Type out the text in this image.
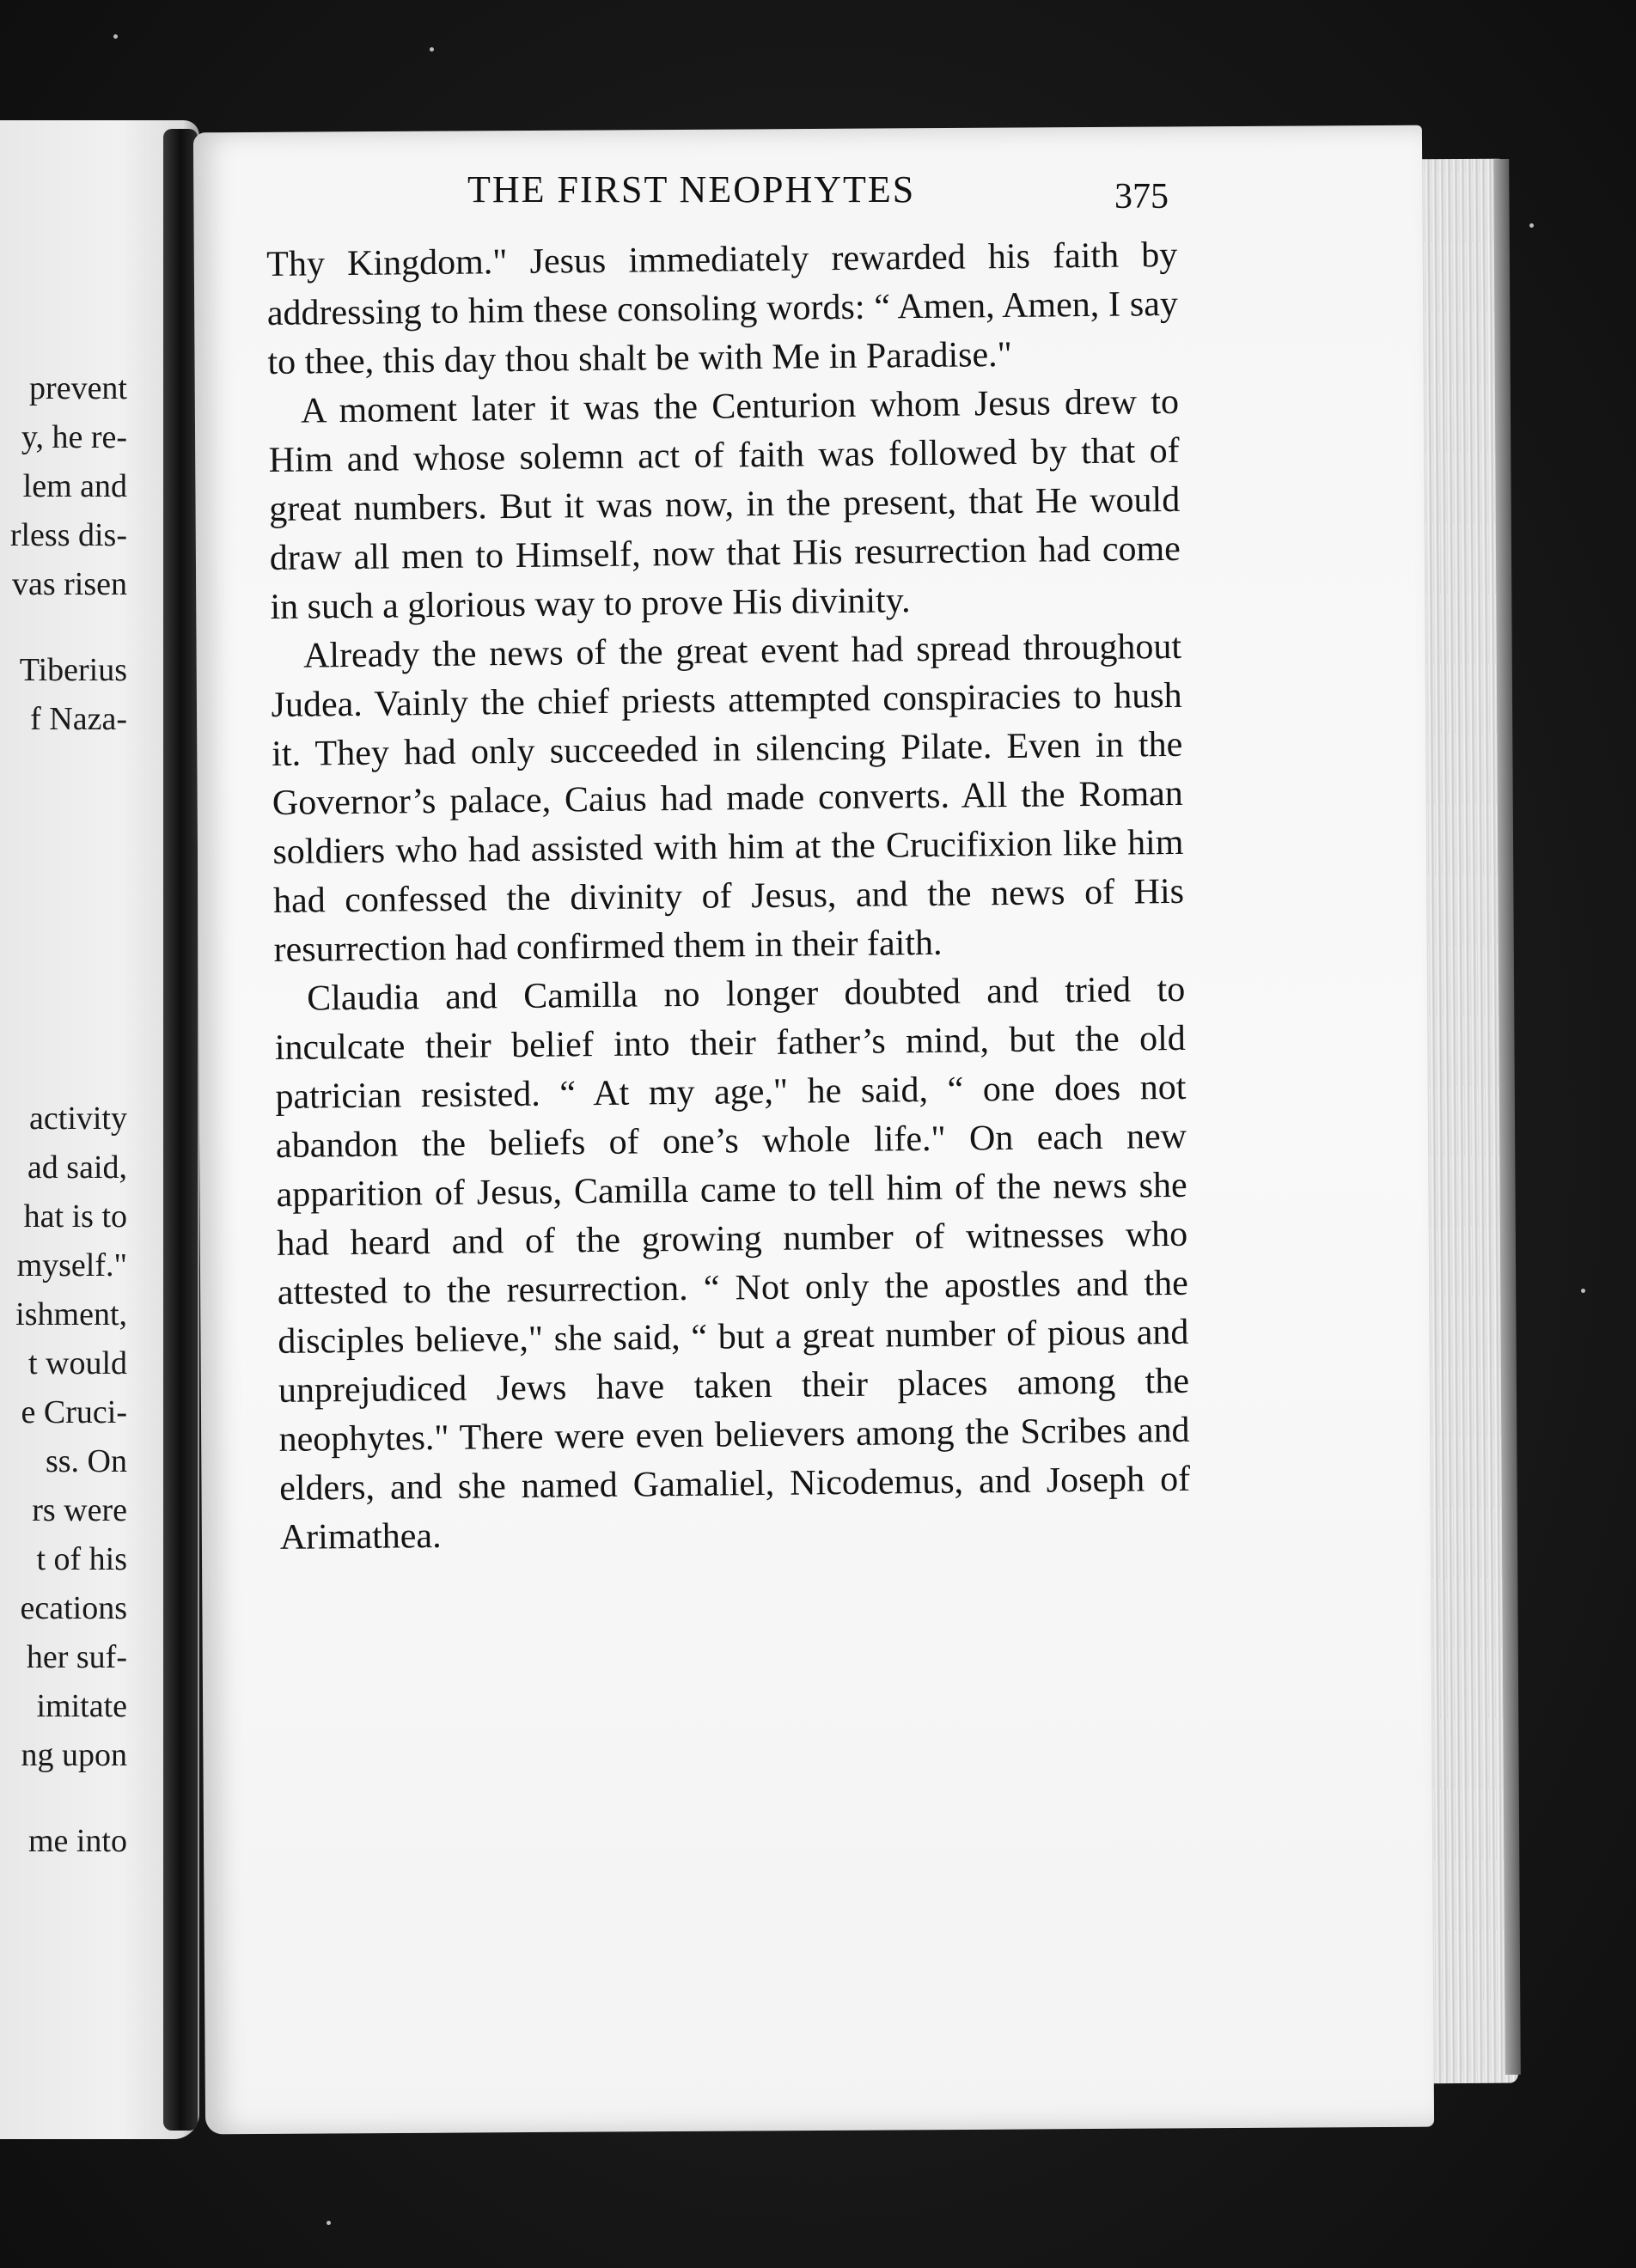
prevent
y, he re-
lem and
rless dis-
vas risen
Tiberius
f Naza-
activity
ad said,
hat is to
myself."
ishment,
t would
e Cruci-
ss. On
rs were
t of his
ecations
her suf-
imitate
ng upon
me into
THE FIRST NEOPHYTES	375

Thy Kingdom." Jesus immediately rewarded his faith by addressing to him these consoling words: “ Amen, Amen, I say to thee, this day thou shalt be with Me in Paradise."

A moment later it was the Centurion whom Jesus drew to Him and whose solemn act of faith was followed by that of great numbers. But it was now, in the present, that He would draw all men to Himself, now that His resurrection had come in such a glorious way to prove His divinity.

Already the news of the great event had spread throughout Judea. Vainly the chief priests attempted conspiracies to hush it. They had only succeeded in silencing Pilate. Even in the Governor’s palace, Caius had made converts. All the Roman soldiers who had assisted with him at the Crucifixion like him had confessed the divinity of Jesus, and the news of His resurrection had confirmed them in their faith.

Claudia and Camilla no longer doubted and tried to inculcate their belief into their father’s mind, but the old patrician resisted. “ At my age," he said, “ one does not abandon the beliefs of one’s whole life." On each new apparition of Jesus, Camilla came to tell him of the news she had heard and of the growing number of witnesses who attested to the resurrection. “ Not only the apostles and the disciples believe," she said, “ but a great number of pious and unprejudiced Jews have taken their places among the neophytes." There were even believers among the Scribes and elders, and she named Gamaliel, Nicodemus, and Joseph of Arimathea.
